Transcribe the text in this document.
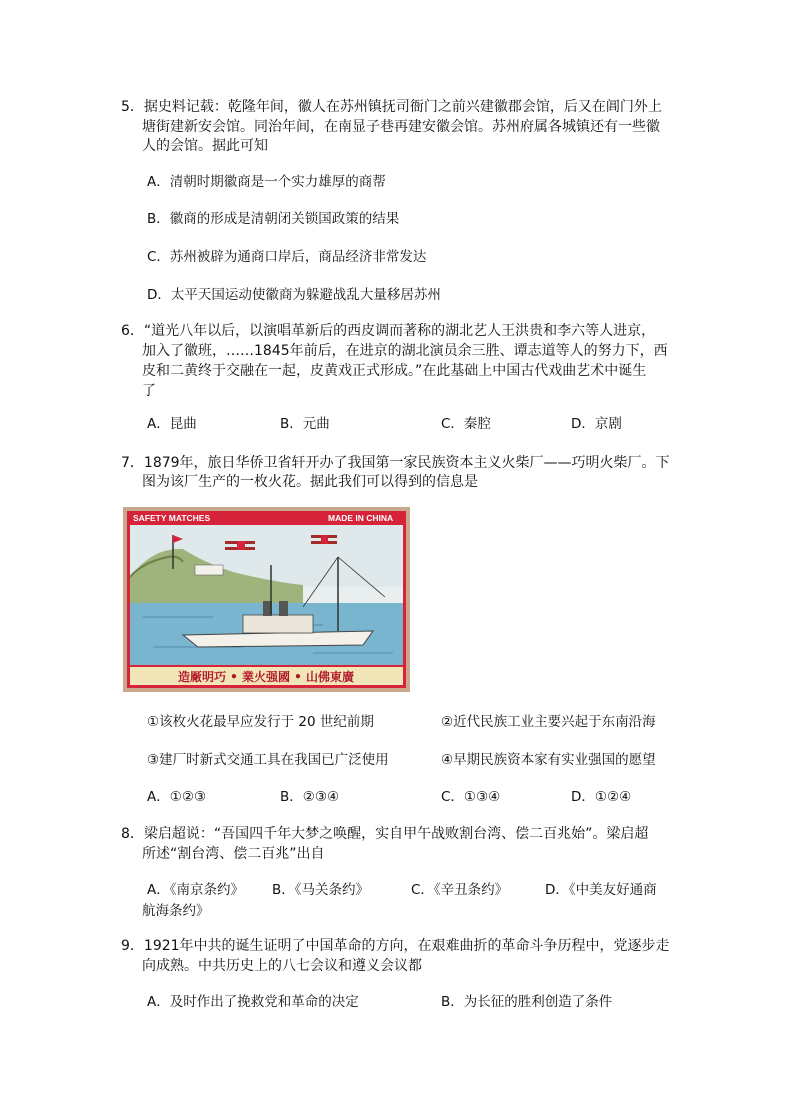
5．据史料记载：乾隆年间，徽人在苏州镇抚司衙门之前兴建徽郡会馆，后又在阊门外上
塘街建新安会馆。同治年间，在南显子巷再建安徽会馆。苏州府属各城镇还有一些徽
人的会馆。据此可知
A．清朝时期徽商是一个实力雄厚的商帮
B．徽商的形成是清朝闭关锁国政策的结果
C．苏州被辟为通商口岸后，商品经济非常发达
D．太平天国运动使徽商为躲避战乱大量移居苏州
6．“道光八年以后，以演唱革新后的西皮调而著称的湖北艺人王洪贵和李六等人进京，
加入了徽班，……1845年前后，在进京的湖北演员余三胜、谭志道等人的努力下，西
皮和二黄终于交融在一起，皮黄戏正式形成。”在此基础上中国古代戏曲艺术中诞生
了
A．昆曲	B．元曲	C．秦腔	D．京剧
7．1879年，旅日华侨卫省轩开办了我国第一家民族资本主义火柴厂——巧明火柴厂。下
图为该厂生产的一枚火花。据此我们可以得到的信息是
SAFETY MATCHES	MADE IN CHINA
造厰明巧 • 業火强國 • 山佛東廣
①该枚火花最早应发行于 20 世纪前期	②近代民族工业主要兴起于东南沿海
③建厂时新式交通工具在我国已广泛使用	④早期民族资本家有实业强国的愿望
A．①②③	B．②③④	C．①③④	D．①②④
8．梁启超说：“吾国四千年大梦之唤醒，实自甲午战败割台湾、偿二百兆始”。梁启超
所述“割台湾、偿二百兆”出自
A．《南京条约》 B．《马关条约》	C．《辛丑条约》	D．《中美友好通商
航海条约》
9．1921年中共的诞生证明了中国革命的方向，在艰难曲折的革命斗争历程中，党逐步走
向成熟。中共历史上的八七会议和遵义会议都
A．及时作出了挽救党和革命的决定	B．为长征的胜利创造了条件
